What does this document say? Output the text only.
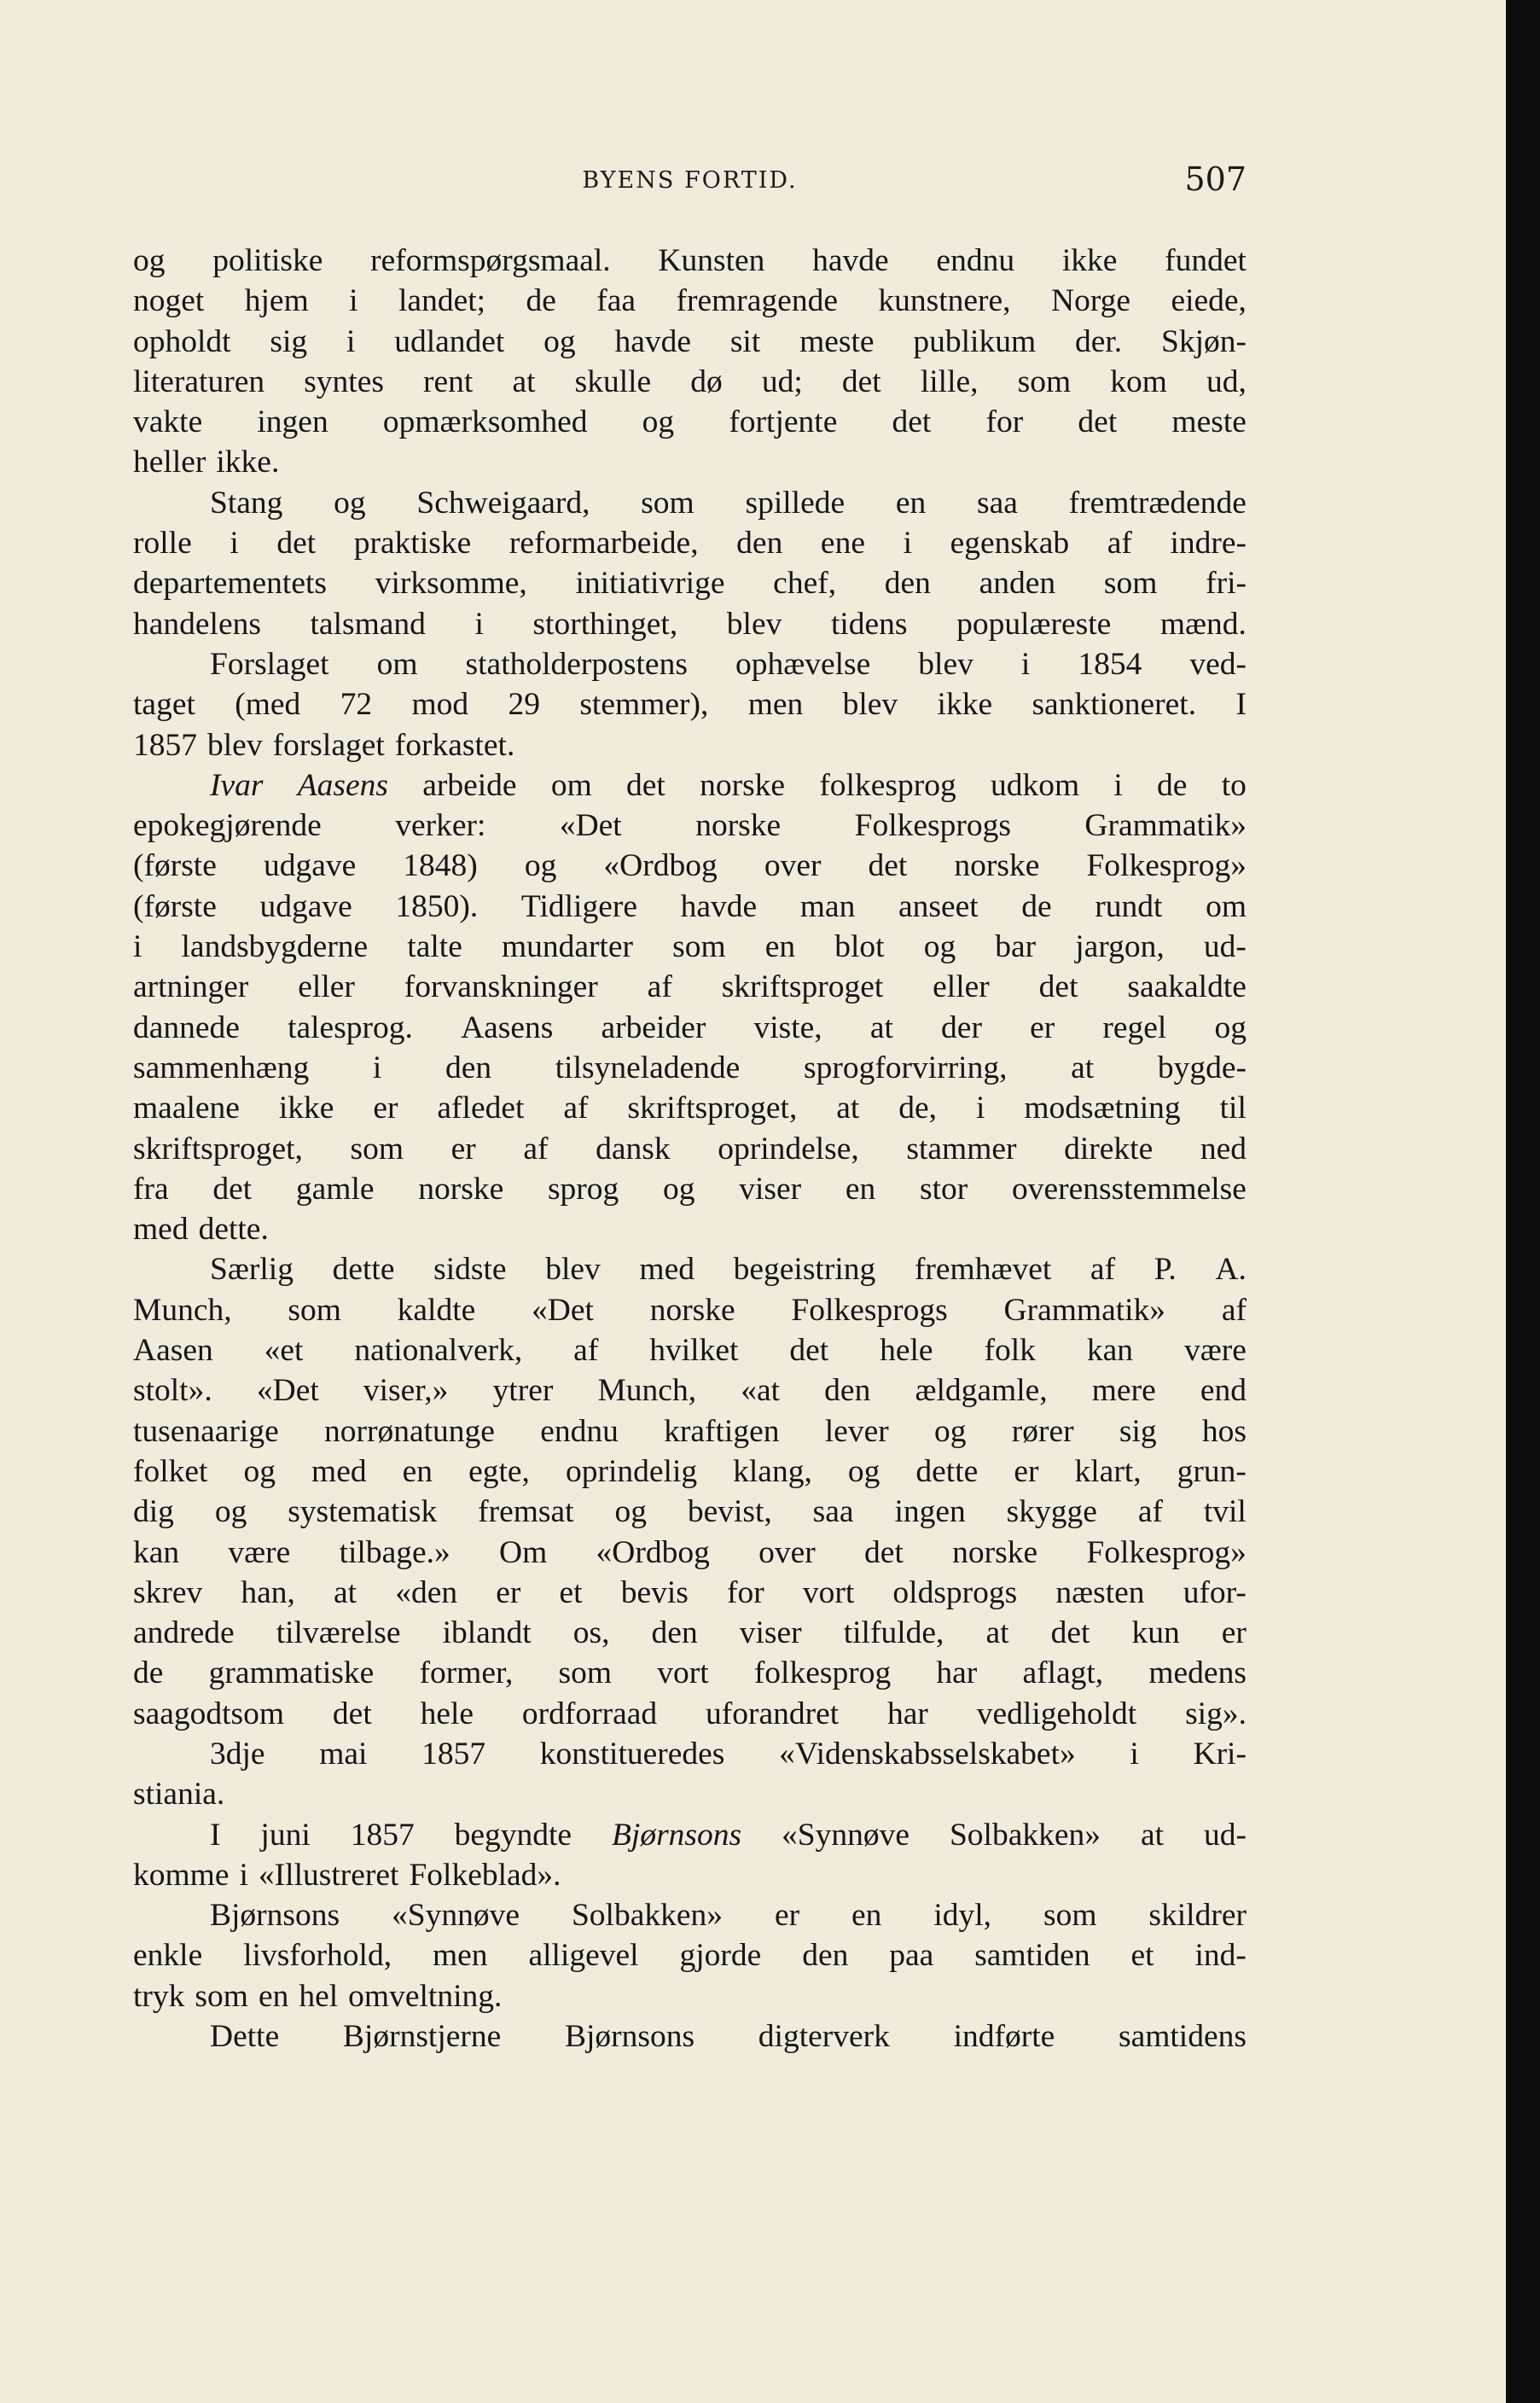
BYENS FORTID.	507
og politiske reformspørgsmaal. Kunsten havde endnu ikke fundet
noget hjem i landet; de faa fremragende kunstnere, Norge eiede,
opholdt sig i udlandet og havde sit meste publikum der. Skjøn-
literaturen syntes rent at skulle dø ud; det lille, som kom ud,
vakte ingen opmærksomhed og fortjente det for det meste
heller ikke.
Stang og Schweigaard, som spillede en saa fremtrædende
rolle i det praktiske reformarbeide, den ene i egenskab af indre-
departementets virksomme, initiativrige chef, den anden som fri-
handelens talsmand i storthinget, blev tidens populæreste mænd.
Forslaget om statholderpostens ophævelse blev i 1854 ved-
taget (med 72 mod 29 stemmer), men blev ikke sanktioneret. I
1857 blev forslaget forkastet.
Ivar Aasens arbeide om det norske folkesprog udkom i de to
epokegjørende verker: «Det norske Folkesprogs Grammatik»
(første udgave 1848) og «Ordbog over det norske Folkesprog»
(første udgave 1850). Tidligere havde man anseet de rundt om
i landsbygderne talte mundarter som en blot og bar jargon, ud-
artninger eller forvanskninger af skriftsproget eller det saakaldte
dannede talesprog. Aasens arbeider viste, at der er regel og
sammenhæng i den tilsyneladende sprogforvirring, at bygde-
maalene ikke er afledet af skriftsproget, at de, i modsætning til
skriftsproget, som er af dansk oprindelse, stammer direkte ned
fra det gamle norske sprog og viser en stor overensstemmelse
med dette.
Særlig dette sidste blev med begeistring fremhævet af P. A.
Munch, som kaldte «Det norske Folkesprogs Grammatik» af
Aasen «et nationalverk, af hvilket det hele folk kan være
stolt». «Det viser,» ytrer Munch, «at den ældgamle, mere end
tusenaarige norrønatunge endnu kraftigen lever og rører sig hos
folket og med en egte, oprindelig klang, og dette er klart, grun-
dig og systematisk fremsat og bevist, saa ingen skygge af tvil
kan være tilbage.» Om «Ordbog over det norske Folkesprog»
skrev han, at «den er et bevis for vort oldsprogs næsten ufor-
andrede tilværelse iblandt os, den viser tilfulde, at det kun er
de grammatiske former, som vort folkesprog har aflagt, medens
saagodtsom det hele ordforraad uforandret har vedligeholdt sig».
3dje mai 1857 konstitueredes «Videnskabsselskabet» i Kri-
stiania.
I juni 1857 begyndte Bjørnsons «Synnøve Solbakken» at ud-
komme i «Illustreret Folkeblad».
Bjørnsons «Synnøve Solbakken» er en idyl, som skildrer
enkle livsforhold, men alligevel gjorde den paa samtiden et ind-
tryk som en hel omveltning.
Dette Bjørnstjerne Bjørnsons digterverk indførte samtidens
